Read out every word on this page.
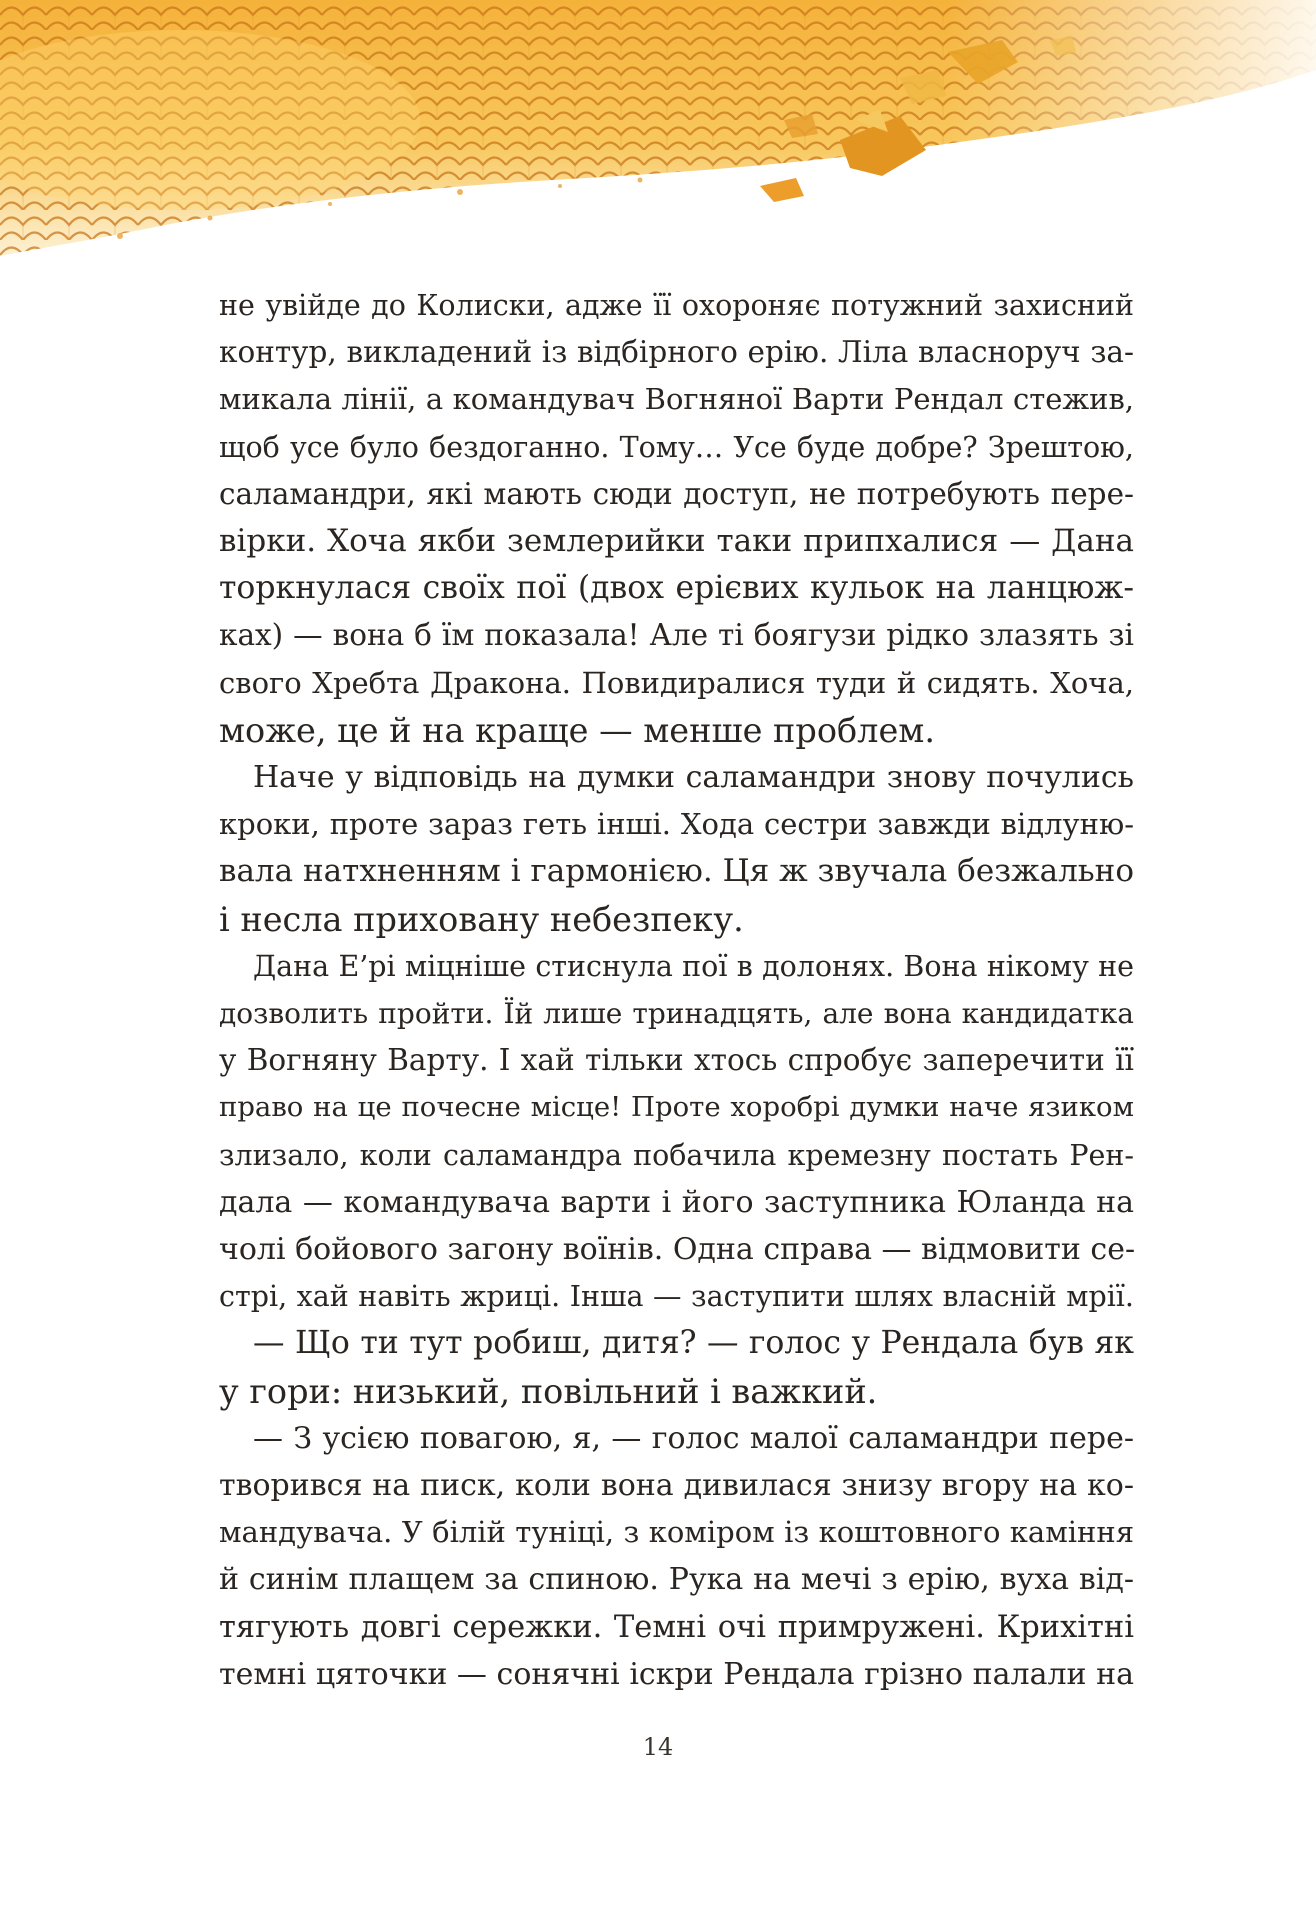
не увійде до Колиски, адже її охороняє потужний захисний
контур, викладений із відбірного ерію. Ліла власноруч за-
микала лінії, а командувач Вогняної Варти Рендал стежив,
щоб усе було бездоганно. Тому… Усе буде добре? Зрештою,
саламандри, які мають сюди доступ, не потребують пере-
вірки. Хоча якби землерийки таки припхалися — Дана
торкнулася своїх пої (двох ерієвих кульок на ланцюж-
ках) — вона б їм показала! Але ті боягузи рідко злазять зі
свого Хребта Дракона. Повидиралися туди й сидять. Хоча,
може, це й на краще — менше проблем.
Наче у відповідь на думки саламандри знову почулись
кроки, проте зараз геть інші. Хода сестри завжди відлуню-
вала натхненням і гармонією. Ця ж звучала безжально
і несла приховану небезпеку.
Дана Е’рі міцніше стиснула пої в долонях. Вона нікому не
дозволить пройти. Їй лише тринадцять, але вона кандидатка
у Вогняну Варту. І хай тільки хтось спробує заперечити її
право на це почесне місце! Проте хоробрі думки наче язиком
злизало, коли саламандра побачила кремезну постать Рен-
дала — командувача варти і його заступника Юланда на
чолі бойового загону воїнів. Одна справа — відмовити се-
стрі, хай навіть жриці. Інша — заступити шлях власній мрії.
— Що ти тут робиш, дитя? — голос у Рендала був як
у гори: низький, повільний і важкий.
— З усією повагою, я, — голос малої саламандри пере-
творився на писк, коли вона дивилася знизу вгору на ко-
мандувача. У білій туніці, з коміром із коштовного каміння
й синім плащем за спиною. Рука на мечі з ерію, вуха від-
тягують довгі сережки. Темні очі примружені. Крихітні
темні цяточки — сонячні іскри Рендала грізно палали на
14
